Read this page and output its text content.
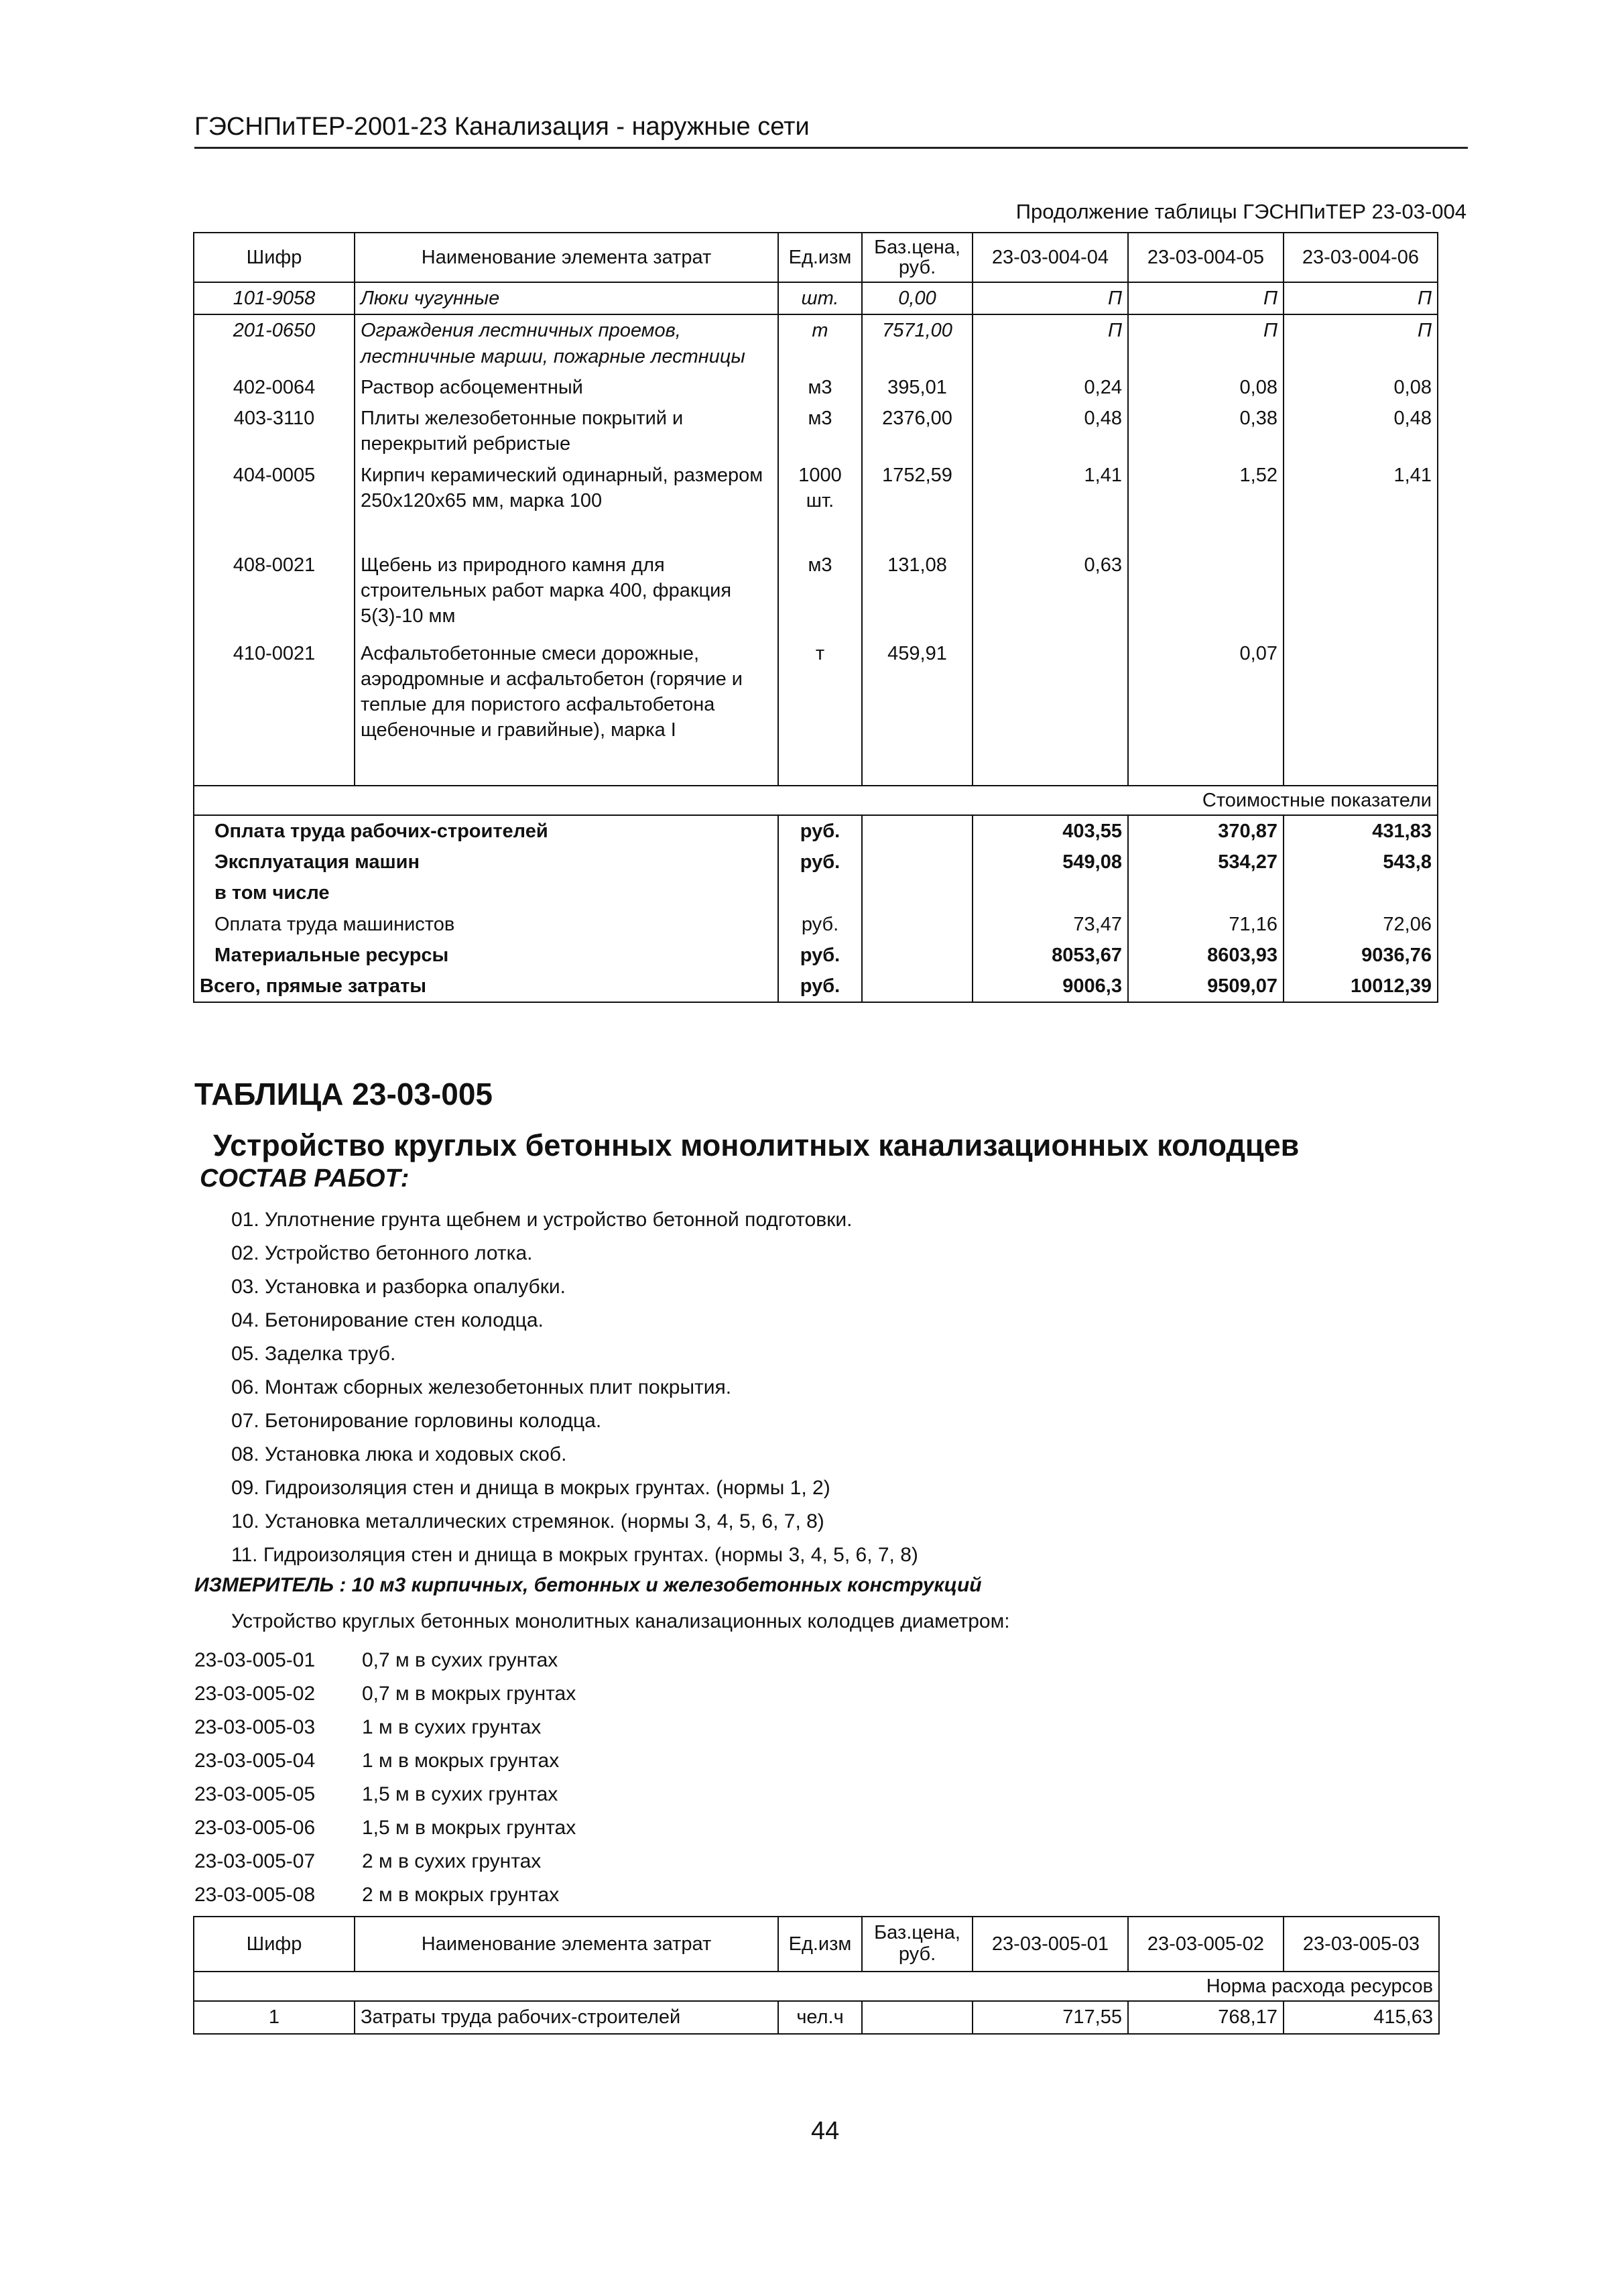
ГЭСНПиТЕР-2001-23 Канализация - наружные сети
Продолжение таблицы ГЭСНПиТЕР 23-03-004
Шифр	Наименование элемента затрат	Ед.изм	Баз.цена, руб.	23-03-004-04	23-03-004-05	23-03-004-06
101-9058	Люки чугунные	шт.	0,00	П	П	П
201-0650	Ограждения лестничных проемов, лестничные марши, пожарные лестницы	т	7571,00	П	П	П
402-0064	Раствор асбоцементный	м3	395,01	0,24	0,08	0,08
403-3110	Плиты железобетонные покрытий и перекрытий ребристые	м3	2376,00	0,48	0,38	0,48
404-0005	Кирпич керамический одинарный, размером 250х120х65 мм, марка 100	1000 шт.	1752,59	1,41	1,52	1,41
408-0021	Щебень из природного камня для строительных работ марка 400, фракция 5(3)-10 мм	м3	131,08	0,63		
410-0021	Асфальтобетонные смеси дорожные, аэродромные и асфальтобетон (горячие и теплые для пористого асфальтобетона щебеночные и гравийные), марка I	т	459,91		0,07	
Стоимостные показатели						
Оплата труда рабочих-строителей		руб.		403,55	370,87	431,83
Эксплуатация машин		руб.		549,08	534,27	543,8
в том числе						
Оплата труда машинистов		руб.		73,47	71,16	72,06
Материальные ресурсы		руб.		8053,67	8603,93	9036,76
Всего, прямые затраты		руб.		9006,3	9509,07	10012,39
ТАБЛИЦА 23-03-005
Устройство круглых бетонных монолитных канализационных колодцев
СОСТАВ РАБОТ:
01. Уплотнение грунта щебнем и устройство бетонной подготовки.
02. Устройство бетонного лотка.
03. Установка и разборка опалубки.
04. Бетонирование стен колодца.
05. Заделка труб.
06. Монтаж сборных железобетонных плит покрытия.
07. Бетонирование горловины колодца.
08. Установка люка и ходовых скоб.
09. Гидроизоляция стен и днища в мокрых грунтах. (нормы 1, 2)
10. Установка металлических стремянок. (нормы 3, 4, 5, 6, 7, 8)
11. Гидроизоляция стен и днища в мокрых грунтах. (нормы 3, 4, 5, 6, 7, 8)
ИЗМЕРИТЕЛЬ : 10 м3 кирпичных, бетонных и железобетонных конструкций
Устройство круглых бетонных монолитных канализационных колодцев диаметром:
23-03-005-01 0,7 м в сухих грунтах
23-03-005-02 0,7 м в мокрых грунтах
23-03-005-03 1 м в сухих грунтах
23-03-005-04 1 м в мокрых грунтах
23-03-005-05 1,5 м в сухих грунтах
23-03-005-06 1,5 м в мокрых грунтах
23-03-005-07 2 м в сухих грунтах
23-03-005-08 2 м в мокрых грунтах
Шифр	Наименование элемента затрат	Ед.изм	Баз.цена, руб.	23-03-005-01	23-03-005-02	23-03-005-03
Норма расхода ресурсов						
1	Затраты труда рабочих-строителей	чел.ч		717,55	768,17	415,63
44
